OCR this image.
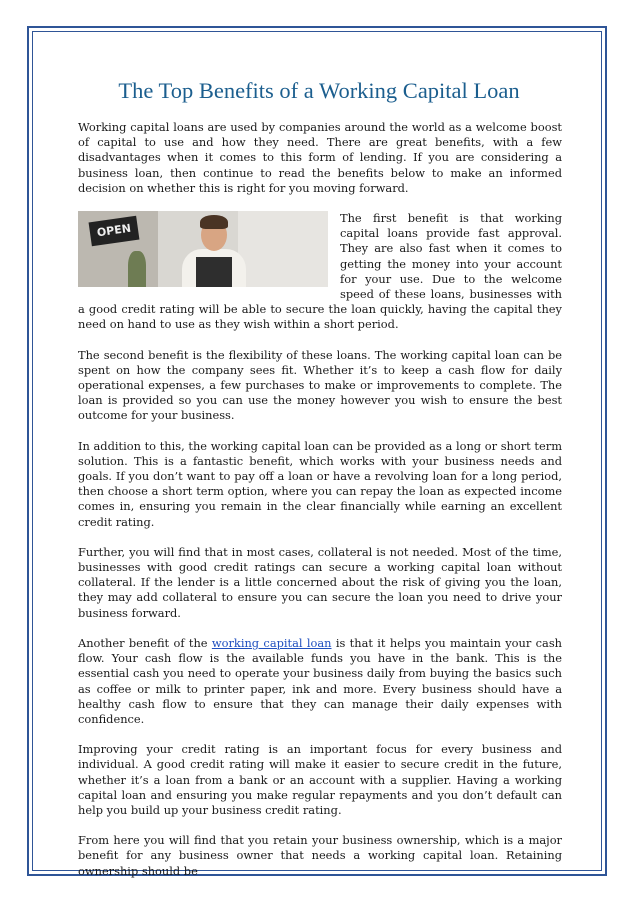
The Top Benefits of a Working Capital Loan

Working capital loans are used by companies around the world as a welcome boost of capital to use and how they need. There are great benefits, with a few disadvantages when it comes to this form of lending. If you are considering a business loan, then continue to read the benefits below to make an informed decision on whether this is right for you moving forward.

OPEN

The first benefit is that working capital loans provide fast approval. They are also fast when it comes to getting the money into your account for your use. Due to the welcome speed of these loans, businesses with a good credit rating will be able to secure the loan quickly, having the capital they need on hand to use as they wish within a short period.

The second benefit is the flexibility of these loans. The working capital loan can be spent on how the company sees fit. Whether it’s to keep a cash flow for daily operational expenses, a few purchases to make or improvements to complete. The loan is provided so you can use the money however you wish to ensure the best outcome for your business.

In addition to this, the working capital loan can be provided as a long or short term solution. This is a fantastic benefit, which works with your business needs and goals. If you don’t want to pay off a loan or have a revolving loan for a long period, then choose a short term option, where you can repay the loan as expected income comes in, ensuring you remain in the clear financially while earning an excellent credit rating.

Further, you will find that in most cases, collateral is not needed. Most of the time, businesses with good credit ratings can secure a working capital loan without collateral. If the lender is a little concerned about the risk of giving you the loan, they may add collateral to ensure you can secure the loan you need to drive your business forward.

Another benefit of the working capital loan is that it helps you maintain your cash flow. Your cash flow is the available funds you have in the bank. This is the essential cash you need to operate your business daily from buying the basics such as coffee or milk to printer paper, ink and more. Every business should have a healthy cash flow to ensure that they can manage their daily expenses with confidence.

Improving your credit rating is an important focus for every business and individual. A good credit rating will make it easier to secure credit in the future, whether it’s a loan from a bank or an account with a supplier. Having a working capital loan and ensuring you make regular repayments and you don’t default can help you build up your business credit rating.

From here you will find that you retain your business ownership, which is a major benefit for any business owner that needs a working capital loan. Retaining ownership should be
